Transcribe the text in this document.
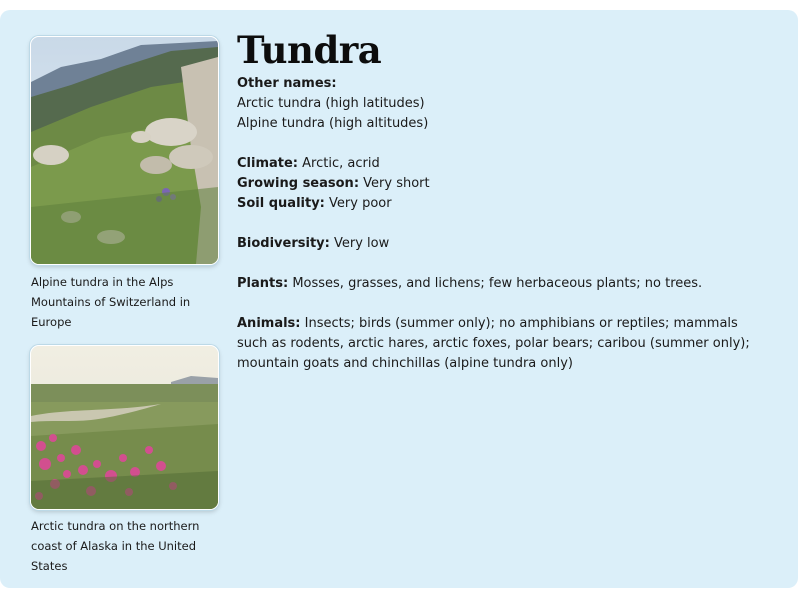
Alpine tundra in the Alps Mountains of Switzerland in Europe
Arctic tundra on the northern coast of Alaska in the United States
Tundra

Other names:

Arctic tundra (high latitudes)

Alpine tundra (high altitudes)

Climate: Arctic, acrid

Growing season: Very short

Soil quality: Very poor

Biodiversity: Very low

Plants: Mosses, grasses, and lichens; few herbaceous plants; no trees.

Animals: Insects; birds (summer only); no amphibians or reptiles; mammals such as rodents, arctic hares, arctic foxes, polar bears; caribou (summer only); mountain goats and chinchillas (alpine tundra only)
